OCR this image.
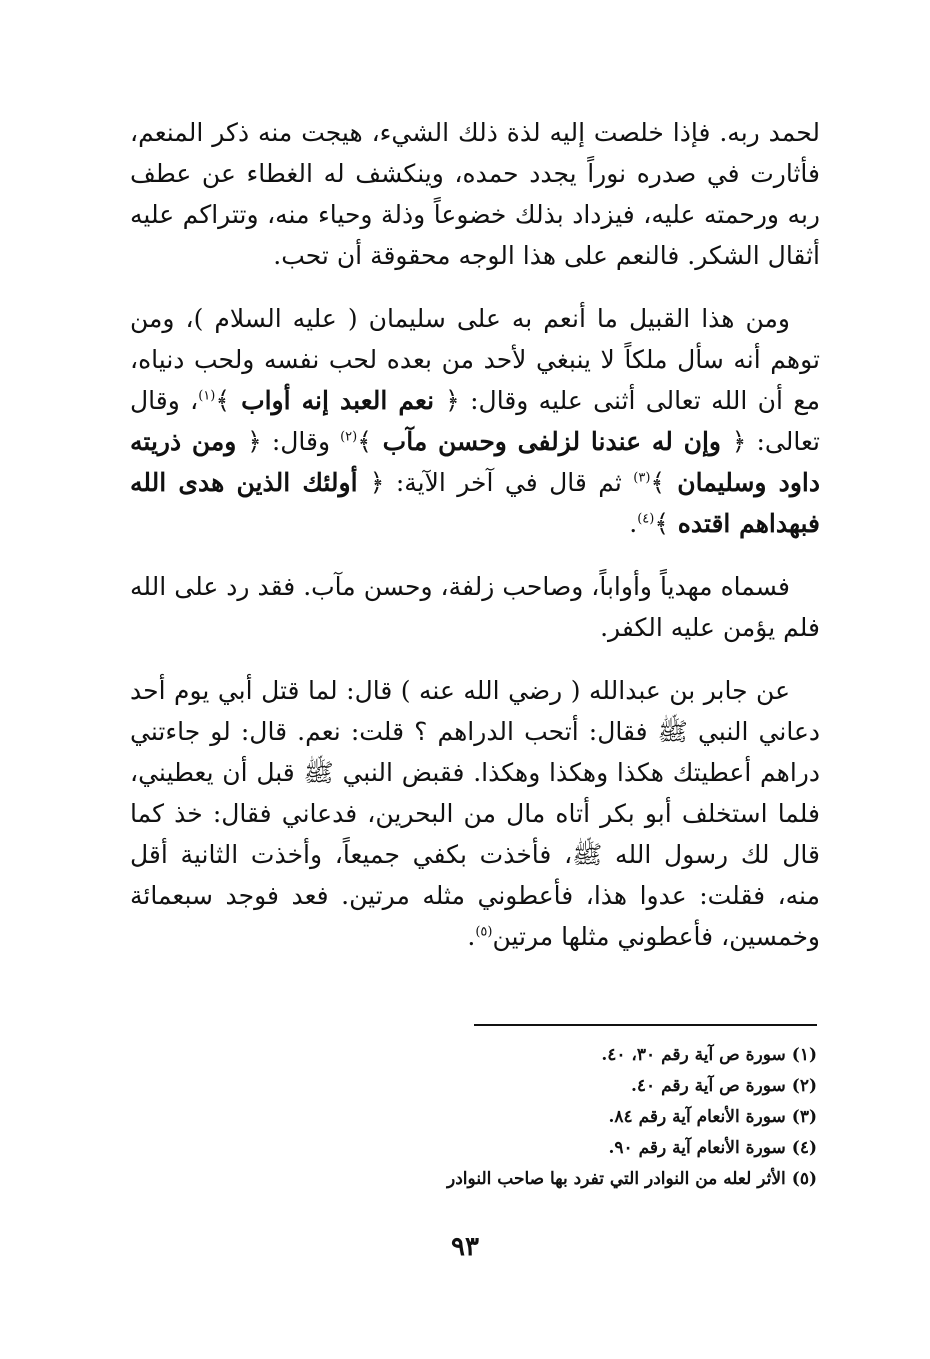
لحمد ربه. فإذا خلصت إليه لذة ذلك الشيء، هيجت منه ذكر المنعم، فأثارت في صدره نوراً يجدد حمده، وينكشف له الغطاء عن عطف ربه ورحمته عليه، فيزداد بذلك خضوعاً وذلة وحياء منه، وتتراكم عليه أثقال الشكر. فالنعم على هذا الوجه محقوقة أن تحب.

ومن هذا القبيل ما أنعم به على سليمان ( عليه السلام )، ومن توهم أنه سأل ملكاً لا ينبغي لأحد من بعده لحب نفسه ولحب دنياه، مع أن الله تعالى أثنى عليه وقال: ﴿ نعم العبد إنه أواب ﴾$^{(١)}$، وقال تعالى: ﴿ وإن له عندنا لزلفى وحسن مآب ﴾$^{(٢)}$ وقال: ﴿ ومن ذريته داود وسليمان ﴾$^{(٣)}$ ثم قال في آخر الآية: ﴿ أولئك الذين هدى الله فبهداهم اقتده ﴾$^{(٤)}$.

فسماه مهدياً وأواباً، وصاحب زلفة، وحسن مآب. فقد رد على الله فلم يؤمن عليه الكفر.

عن جابر بن عبدالله ( رضي الله عنه ) قال: لما قتل أبي يوم أحد دعاني النبي ﷺ فقال: أتحب الدراهم ؟ قلت: نعم. قال: لو جاءتني دراهم أعطيتك هكذا وهكذا وهكذا. فقبض النبي ﷺ قبل أن يعطيني، فلما استخلف أبو بكر أتاه مال من البحرين، فدعاني فقال: خذ كما قال لك رسول الله ﷺ، فأخذت بكفي جميعاً، وأخذت الثانية أقل منه، فقلت: عدوا هذا، فأعطوني مثله مرتين. فعد فوجد سبعمائة وخمسين، فأعطوني مثلها مرتين$^{(٥)}$.

(١)سورة ص آية رقم ٣٠، ٤٠.
(٢)سورة ص آية رقم ٤٠.
(٣)سورة الأنعام آية رقم ٨٤.
(٤)سورة الأنعام آية رقم ٩٠.
(٥)الأثر لعله من النوادر التي تفرد بها صاحب النوادر
٩٣
